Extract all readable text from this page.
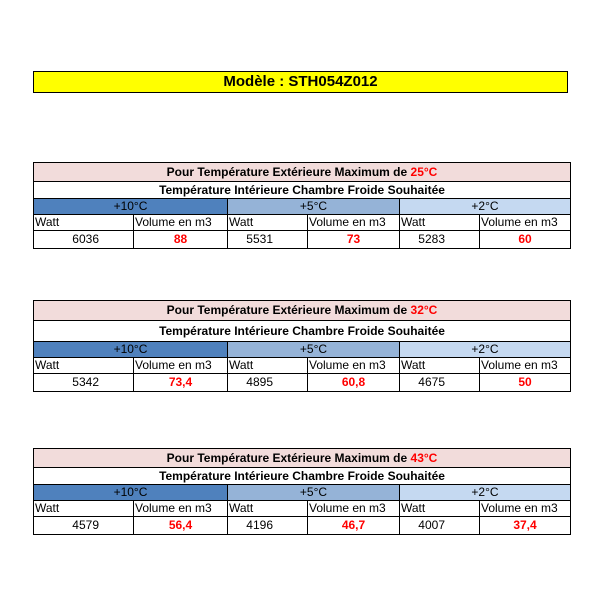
Modèle : STH054Z012
Pour Température Extérieure Maximum de 25°C					
Température Intérieure Chambre Froide Souhaitée					
+10°C		+5°C		+2°C	
Watt	Volume en m3	Watt	Volume en m3	Watt	Volume en m3
6036	88	5531	73	5283	60
Pour Température Extérieure Maximum de 32°C					
Température Intérieure Chambre Froide Souhaitée					
+10°C		+5°C		+2°C	
Watt	Volume en m3	Watt	Volume en m3	Watt	Volume en m3
5342	73,4	4895	60,8	4675	50
Pour Température Extérieure Maximum de 43°C					
Température Intérieure Chambre Froide Souhaitée					
+10°C		+5°C		+2°C	
Watt	Volume en m3	Watt	Volume en m3	Watt	Volume en m3
4579	56,4	4196	46,7	4007	37,4
